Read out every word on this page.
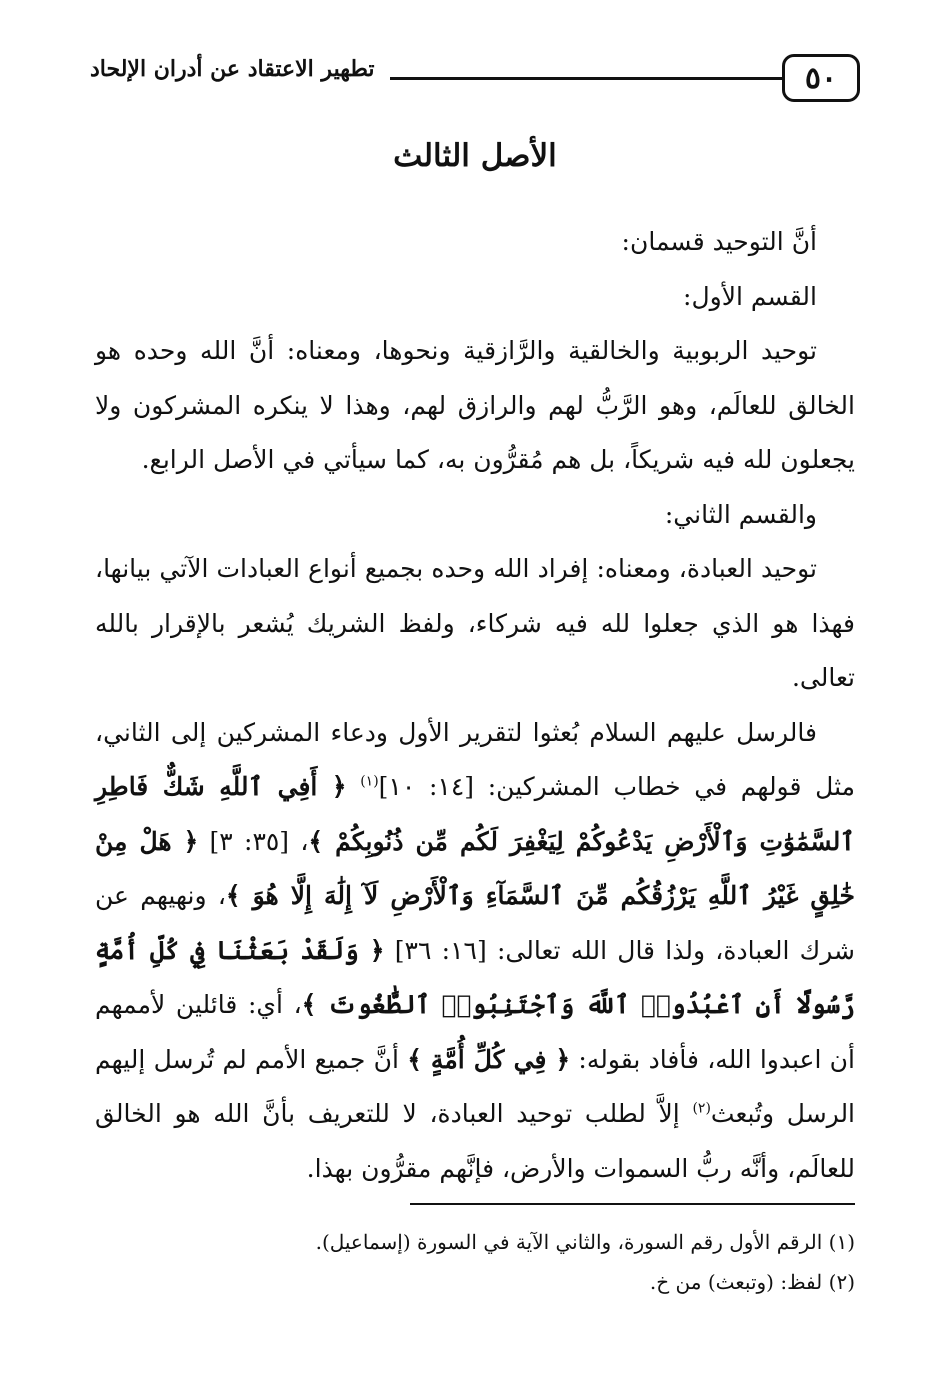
٥٠
تطهير الاعتقاد عن أدران الإلحاد
الأصل الثالث

أنَّ التوحيد قسمان:

القسم الأول:

توحيد الربوبية والخالقية والرَّازقية ونحوها، ومعناه: أنَّ الله وحده هو الخالق للعالَم، وهو الرَّبُّ لهم والرازق لهم، وهذا لا ينكره المشركون ولا يجعلون لله فيه شريكاً، بل هم مُقرُّون به، كما سيأتي في الأصل الرابع.

والقسم الثاني:

توحيد العبادة، ومعناه: إفراد الله وحده بجميع أنواع العبادات الآتي بيانها، فهذا هو الذي جعلوا لله فيه شركاء، ولفظ الشريك يُشعر بالإقرار بالله تعالى.

فالرسل عليهم السلام بُعثوا لتقرير الأول ودعاء المشركين إلى الثاني، مثل قولهم في خطاب المشركين: [١٤: ١٠]$^{(١)}$ ﴿ أَفِي ٱللَّهِ شَكٌّ فَاطِرِ ٱلسَّمَٰوَٰتِ وَٱلْأَرْضِ يَدْعُوكُمْ لِيَغْفِرَ لَكُم مِّن ذُنُوبِكُمْ ﴾، [٣٥: ٣] ﴿ هَلْ مِنْ خَٰلِقٍ غَيْرُ ٱللَّهِ يَرْزُقُكُم مِّنَ ٱلسَّمَآءِ وَٱلْأَرْضِ لَآ إِلَٰهَ إِلَّا هُوَ ﴾، ونهيهم عن شرك العبادة، ولذا قال الله تعالى: [١٦: ٣٦] ﴿ وَلَقَدْ بَعَثْنَا فِي كُلِّ أُمَّةٍ رَّسُولًا أَنِ ٱعْبُدُوا۟ ٱللَّهَ وَٱجْتَنِبُوا۟ ٱلطَّٰغُوتَ ﴾، أي: قائلين لأممهم أن اعبدوا الله، فأفاد بقوله: ﴿ فِي كُلِّ أُمَّةٍ ﴾ أنَّ جميع الأمم لم تُرسل إليهم الرسل وتُبعث$^{(٢)}$ إلاَّ لطلب توحيد العبادة، لا للتعريف بأنَّ الله هو الخالق للعالَم، وأنَّه ربُّ السموات والأرض، فإنَّهم مقرُّون بهذا.

(١) الرقم الأول رقم السورة، والثاني الآية في السورة (إسماعيل).

(٢) لفظ: (وتبعث) من خ.
